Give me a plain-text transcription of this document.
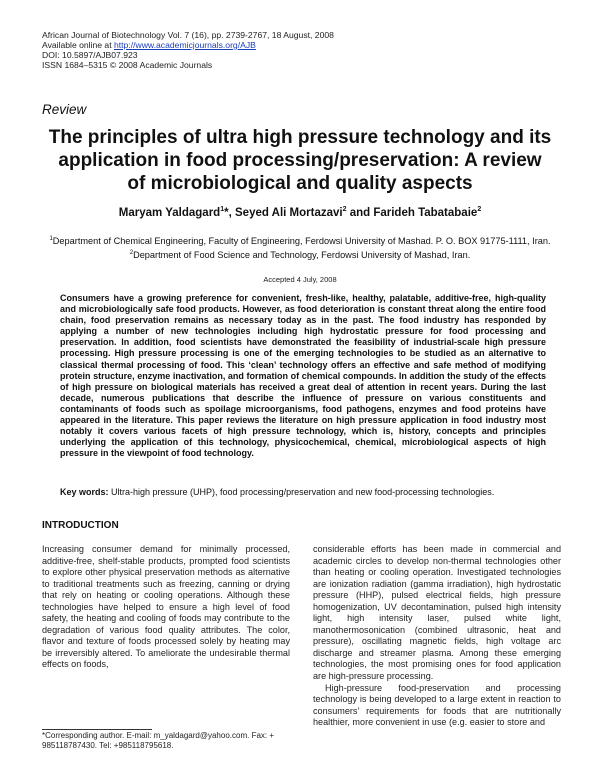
African Journal of Biotechnology Vol. 7 (16), pp. 2739-2767, 18 August, 2008
Available online at http://www.academicjournals.org/AJB
DOI: 10.5897/AJB07.923
ISSN 1684–5315 © 2008 Academic Journals
Review
The principles of ultra high pressure technology and its
application in food processing/preservation: A review
of microbiological and quality aspects
Maryam Yaldagard$^1$*, Seyed Ali Mortazavi$^2$ and Farideh Tabatabaie$^2$
$^1$Department of Chemical Engineering, Faculty of Engineering, Ferdowsi University of Mashad. P. O. BOX 91775-1111, Iran.
$^2$Department of Food Science and Technology, Ferdowsi University of Mashad, Iran.
Accepted 4 July, 2008

Consumers have a growing preference for convenient, fresh-like, healthy, palatable, additive-free, high-quality and microbiologically safe food products. However, as food deterioration is constant threat along the entire food chain, food preservation remains as necessary today as in the past. The food industry has responded by applying a number of new technologies including high hydrostatic pressure for food processing and preservation. In addition, food scientists have demonstrated the feasibility of industrial-scale high pressure processing. High pressure processing is one of the emerging technologies to be studied as an alternative to classical thermal processing of food. This ‘clean’ technology offers an effective and safe method of modifying protein structure, enzyme inactivation, and formation of chemical compounds. In addition the study of the effects of high pressure on biological materials has received a great deal of attention in recent years. During the last decade, numerous publications that describe the influence of pressure on various constituents and contaminants of foods such as spoilage microorganisms, food pathogens, enzymes and food proteins have appeared in the literature. This paper reviews the literature on high pressure application in food industry most notably it covers various facets of high pressure technology, which is, history, concepts and principles underlying the application of this technology, physicochemical, chemical, microbiological aspects of high pressure in the viewpoint of food technology.

Key words: Ultra-high pressure (UHP), food processing/preservation and new food-processing technologies.
INTRODUCTION

Increasing consumer demand for minimally processed, additive-free, shelf-stable products, prompted food scientists to explore other physical preservation methods as alternative to traditional treatments such as freezing, canning or drying that rely on heating or cooling operations. Although these technologies have helped to ensure a high level of food safety, the heating and cooling of foods may contribute to the degradation of various food quality attributes. The color, flavor and texture of foods processed solely by heating may be irreversibly altered. To ameliorate the undesirable thermal effects on foods,

considerable efforts has been made in commercial and academic circles to develop non-thermal technologies other than heating or cooling operation. Investigated technologies are ionization radiation (gamma irradiation), high hydrostatic pressure (HHP), pulsed electrical fields, high pressure homogenization, UV decontamination, pulsed high intensity light, high intensity laser, pulsed white light, manothermosonication (combined ultrasonic, heat and pressure), oscillating magnetic fields, high voltage arc discharge and streamer plasma. Among these emerging technologies, the most promising ones for food application are high-pressure processing.

High-pressure food-preservation and processing technology is being developed to a large extent in reaction to consumers’ requirements for foods that are nutritionally healthier, more convenient in use (e.g. easier to store and

*Corresponding author. E-mail: m_yaldagard@yahoo.com. Fax: + 985118787430. Tel: +985118795618.
